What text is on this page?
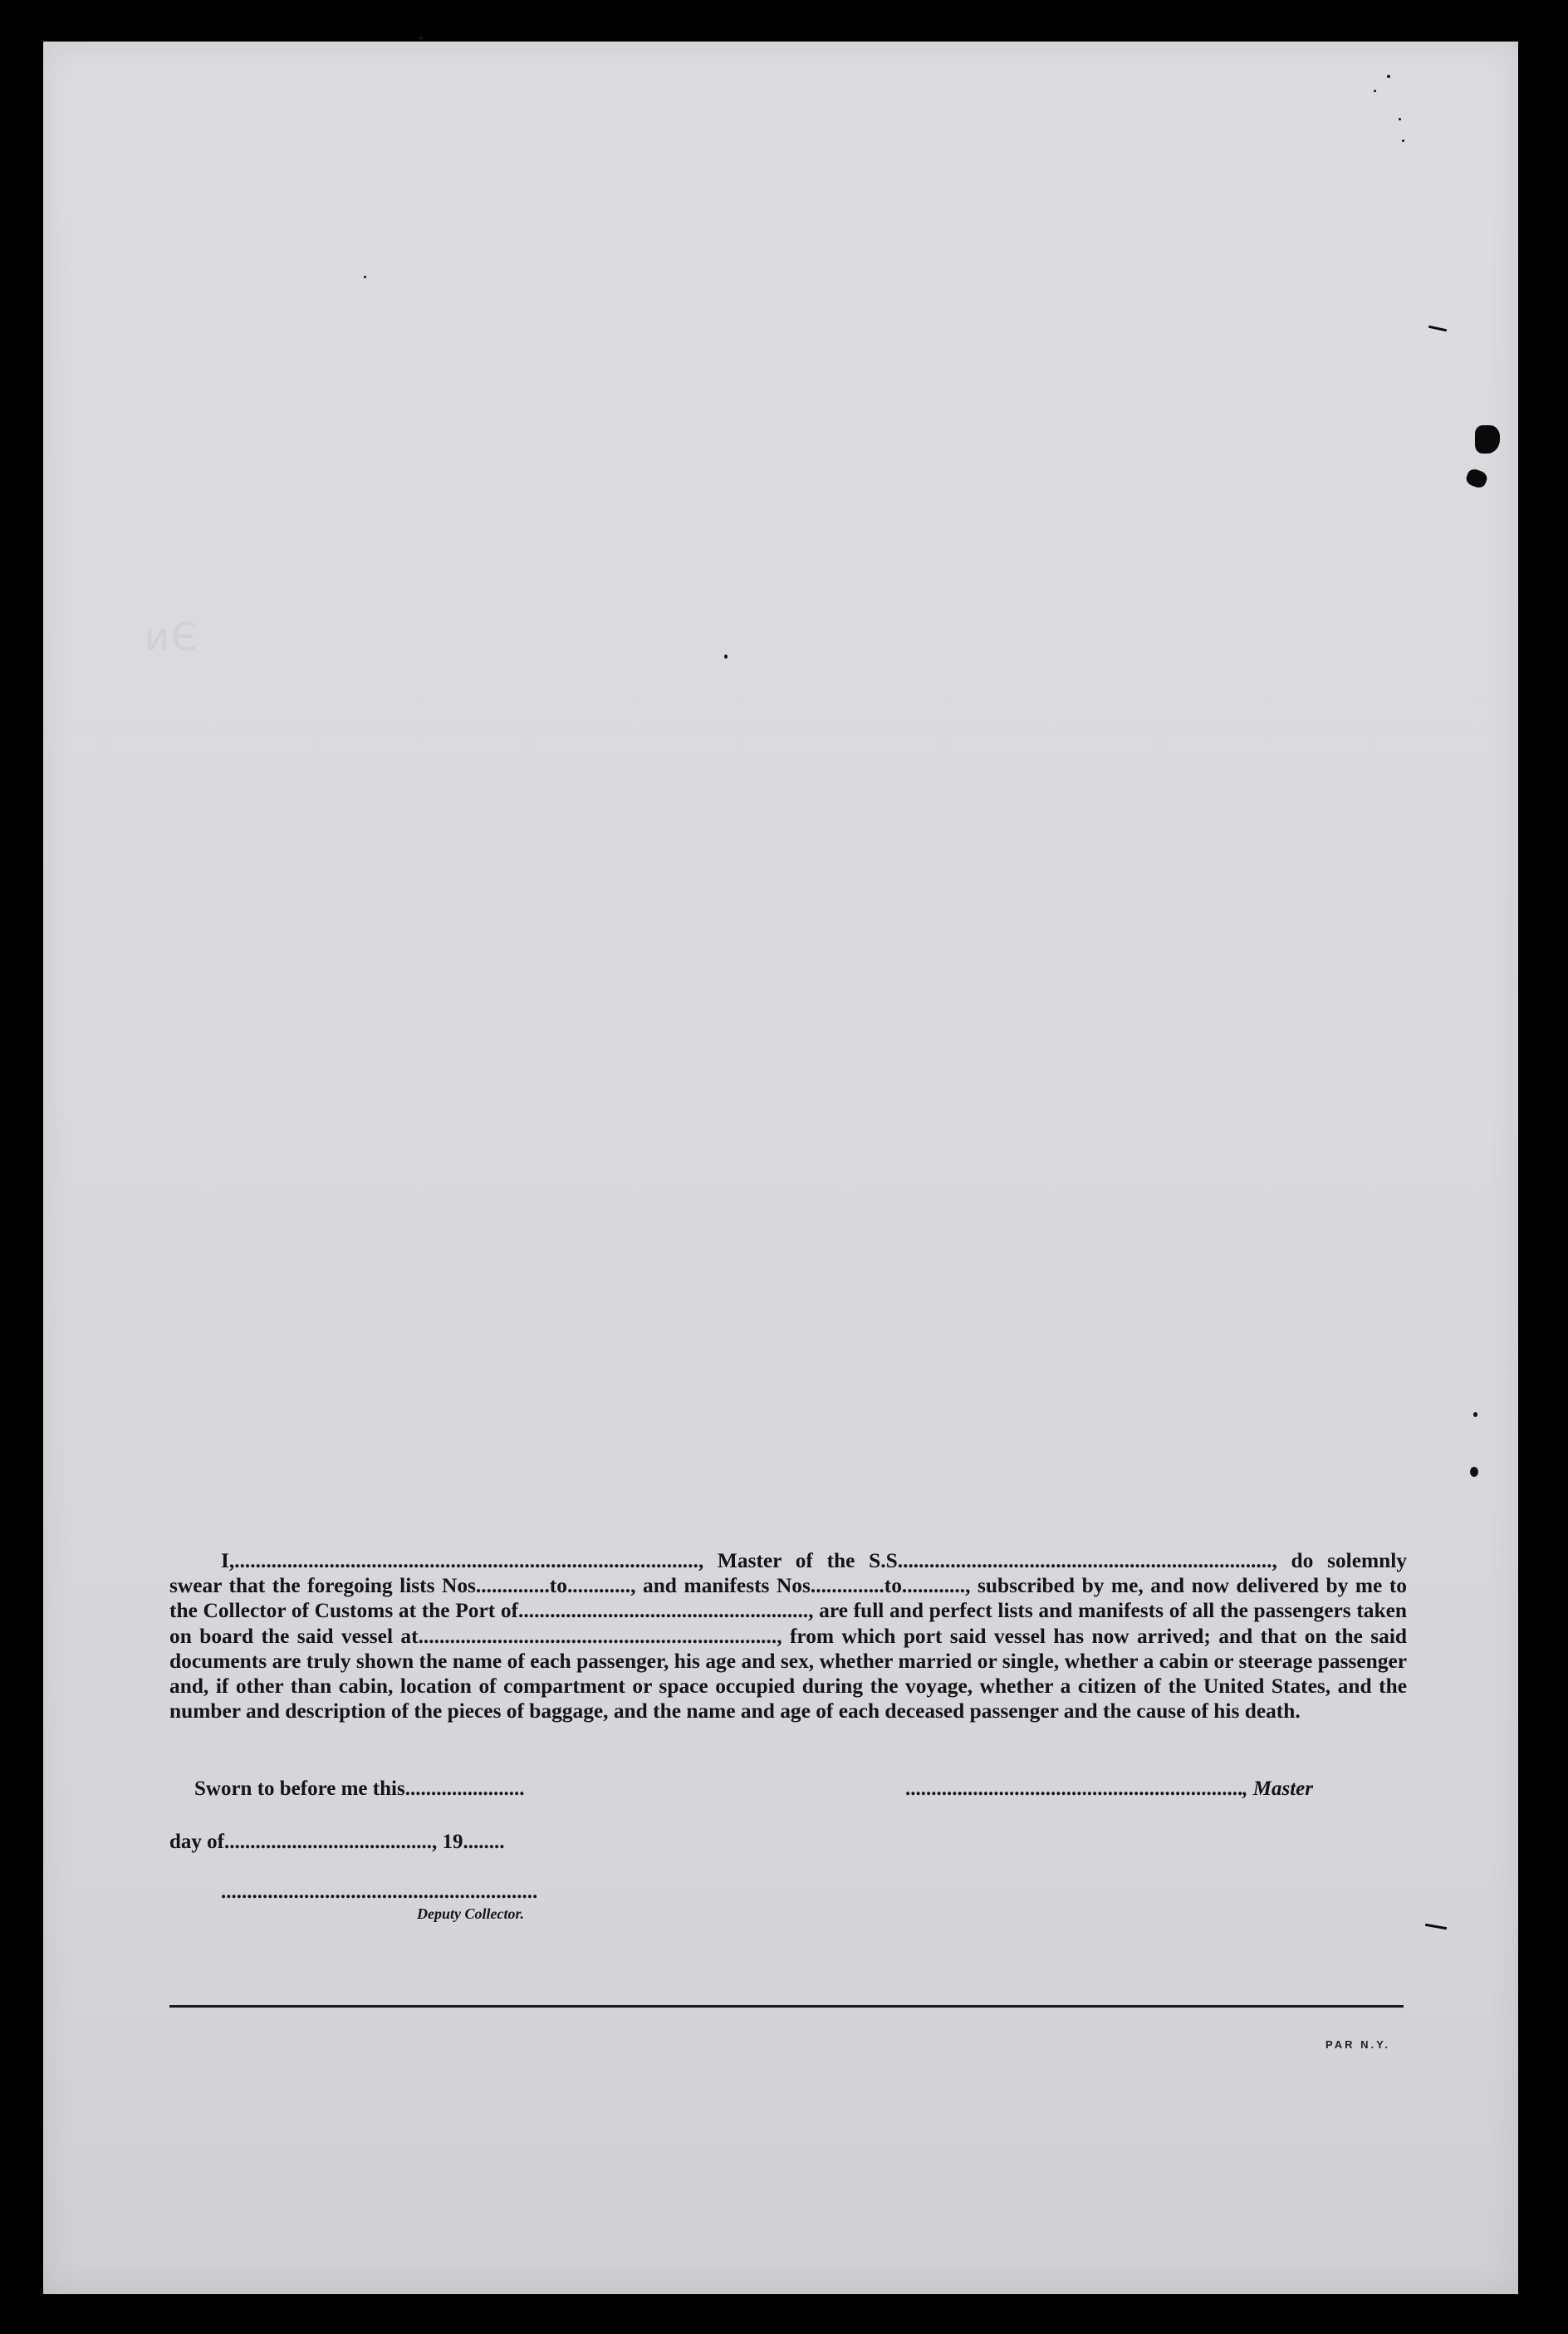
ᴎЄ
I,........................................................................................, Master of the S.S......................................................................., do solemnly swear that the foregoing lists Nos..............to............, and manifests Nos..............to............, subscribed by me, and now delivered by me to the Collector of Customs at the Port of......................................................., are full and perfect lists and manifests of all the passengers taken on board the said vessel at...................................................................., from which port said vessel has now arrived; and that on the said documents are truly shown the name of each passenger, his age and sex, whether married or single, whether a cabin or steerage passenger and, if other than cabin, location of compartment or space occupied during the voyage, whether a citizen of the United States, and the number and description of the pieces of baggage, and the name and age of each deceased passenger and the cause of his death.
Sworn to before me this.......................	................................................................., Master
day of........................................, 19........
.............................................................
Deputy Collector.
PAR N.Y.
